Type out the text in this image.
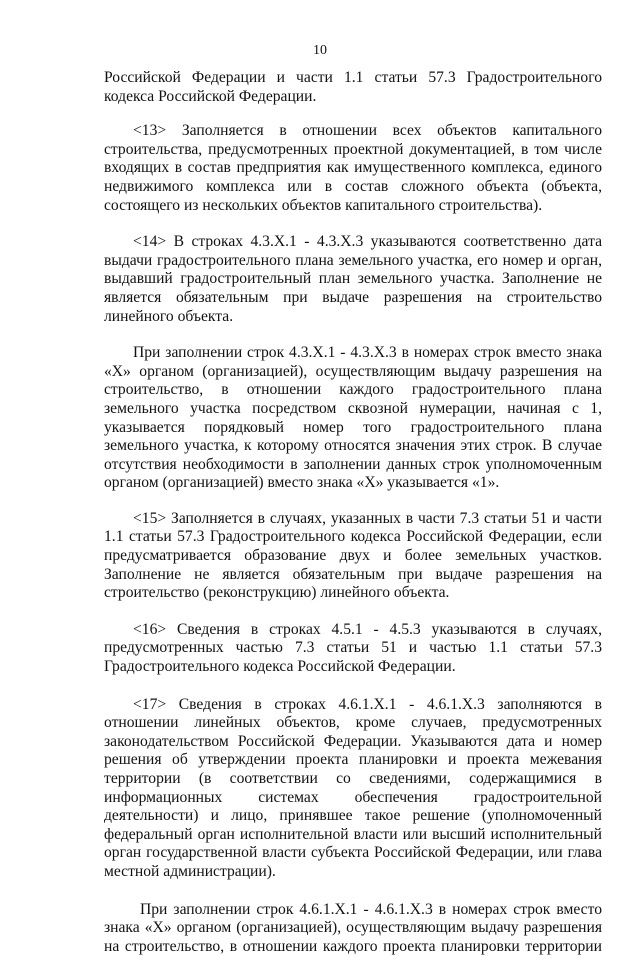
10

Российской Федерации и части 1.1 статьи 57.3 Градостроительного кодекса Российской Федерации.

<13> Заполняется в отношении всех объектов капитального строительства, предусмотренных проектной документацией, в том числе входящих в состав предприятия как имущественного комплекса, единого недвижимого комплекса или в состав сложного объекта (объекта, состоящего из нескольких объектов капитального строительства).

<14> В строках 4.3.Х.1 - 4.3.Х.3 указываются соответственно дата выдачи градостроительного плана земельного участка, его номер и орган, выдавший градостроительный план земельного участка. Заполнение не является обязательным при выдаче разрешения на строительство линейного объекта.

При заполнении строк 4.3.Х.1 - 4.3.Х.3 в номерах строк вместо знака «Х» органом (организацией), осуществляющим выдачу разрешения на строительство, в отношении каждого градостроительного плана земельного участка посредством сквозной нумерации, начиная с 1, указывается порядковый номер того градостроительного плана земельного участка, к которому относятся значения этих строк. В случае отсутствия необходимости в заполнении данных строк уполномоченным органом (организацией) вместо знака «Х» указывается «1».

<15> Заполняется в случаях, указанных в части 7.3 статьи 51 и части 1.1 статьи 57.3 Градостроительного кодекса Российской Федерации, если предусматривается образование двух и более земельных участков. Заполнение не является обязательным при выдаче разрешения на строительство (реконструкцию) линейного объекта.

<16> Сведения в строках 4.5.1 - 4.5.3 указываются в случаях, предусмотренных частью 7.3 статьи 51 и частью 1.1 статьи 57.3 Градостроительного кодекса Российской Федерации.

<17> Сведения в строках 4.6.1.Х.1 - 4.6.1.Х.3 заполняются в отношении линейных объектов, кроме случаев, предусмотренных законодательством Российской Федерации. Указываются дата и номер решения об утверждении проекта планировки и проекта межевания территории (в соответствии со сведениями, содержащимися в информационных системах обеспечения градостроительной деятельности) и лицо, принявшее такое решение (уполномоченный федеральный орган исполнительной власти или высший исполнительный орган государственной власти субъекта Российской Федерации, или глава местной администрации).

При заполнении строк 4.6.1.Х.1 - 4.6.1.Х.3 в номерах строк вместо знака «Х» органом (организацией), осуществляющим выдачу разрешения на строительство, в отношении каждого проекта планировки территории
